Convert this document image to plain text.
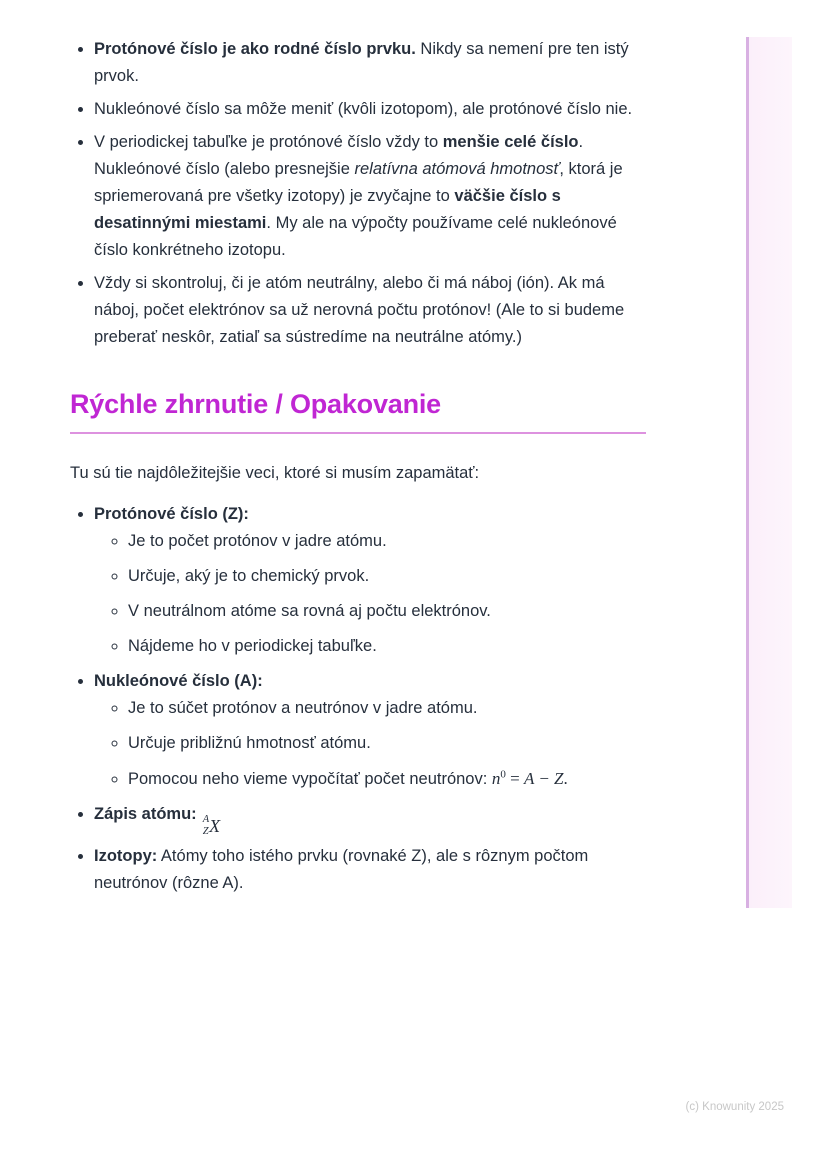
• Protónové číslo je ako rodné číslo prvku. Nikdy sa nemení pre ten istý prvok.
• Nukleónové číslo sa môže meniť (kvôli izotopom), ale protónové číslo nie.
• V periodickej tabuľke je protónové číslo vždy to menšie celé číslo. Nukleónové číslo (alebo presnejšie relatívna atómová hmotnosť, ktorá je spriemerovaná pre všetky izotopy) je zvyčajne to väčšie číslo s desatinnými miestami. My ale na výpočty používame celé nukleónové číslo konkrétneho izotopu.
• Vždy si skontroluj, či je atóm neutrálny, alebo či má náboj (ión). Ak má náboj, počet elektrónov sa už nerovná počtu protónov! (Ale to si budeme preberať neskôr, zatiaľ sa sústredíme na neutrálne atómy.)
Rýchle zhrnutie / Opakovanie

Tu sú tie najdôležitejšie veci, ktoré si musím zapamätať:

• Protónové číslo (Z):
◦ Je to počet protónov v jadre atómu.
◦ Určuje, aký je to chemický prvok.
◦ V neutrálnom atóme sa rovná aj počtu elektrónov.
◦ Nájdeme ho v periodickej tabuľke.
• Nukleónové číslo (A):
◦ Je to súčet protónov a neutrónov v jadre atómu.
◦ Určuje približnú hmotnosť atómu.
◦ Pomocou neho vieme vypočítať počet neutrónov: $n^0 = A - Z$.
• Zápis atómu: A
Z X
• Izotopy: Atómy toho istého prvku (rovnaké Z), ale s rôznym počtom neutrónov (rôzne A).
(c) Knowunity 2025
